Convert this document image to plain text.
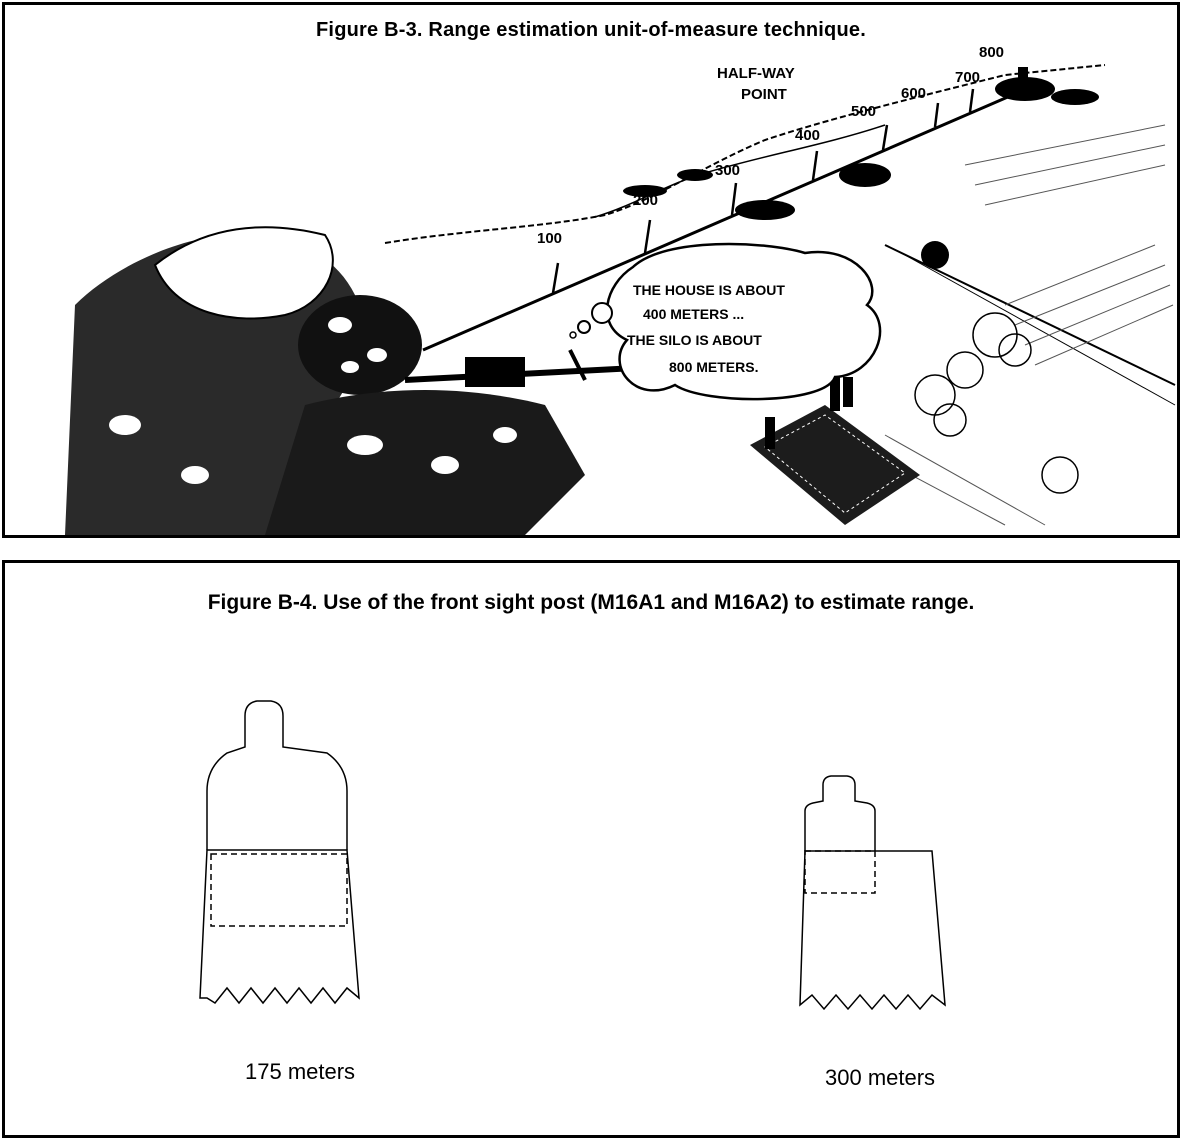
Figure B-3. Range estimation unit-of-measure technique.
100
200
300
400
500
600
700
800
HALF-WAY
POINT
THE HOUSE IS ABOUT
400 METERS ...
THE SILO IS ABOUT
800 METERS.
Figure B-4. Use of the front sight post (M16A1 and M16A2) to estimate range.
175 meters	300 meters
